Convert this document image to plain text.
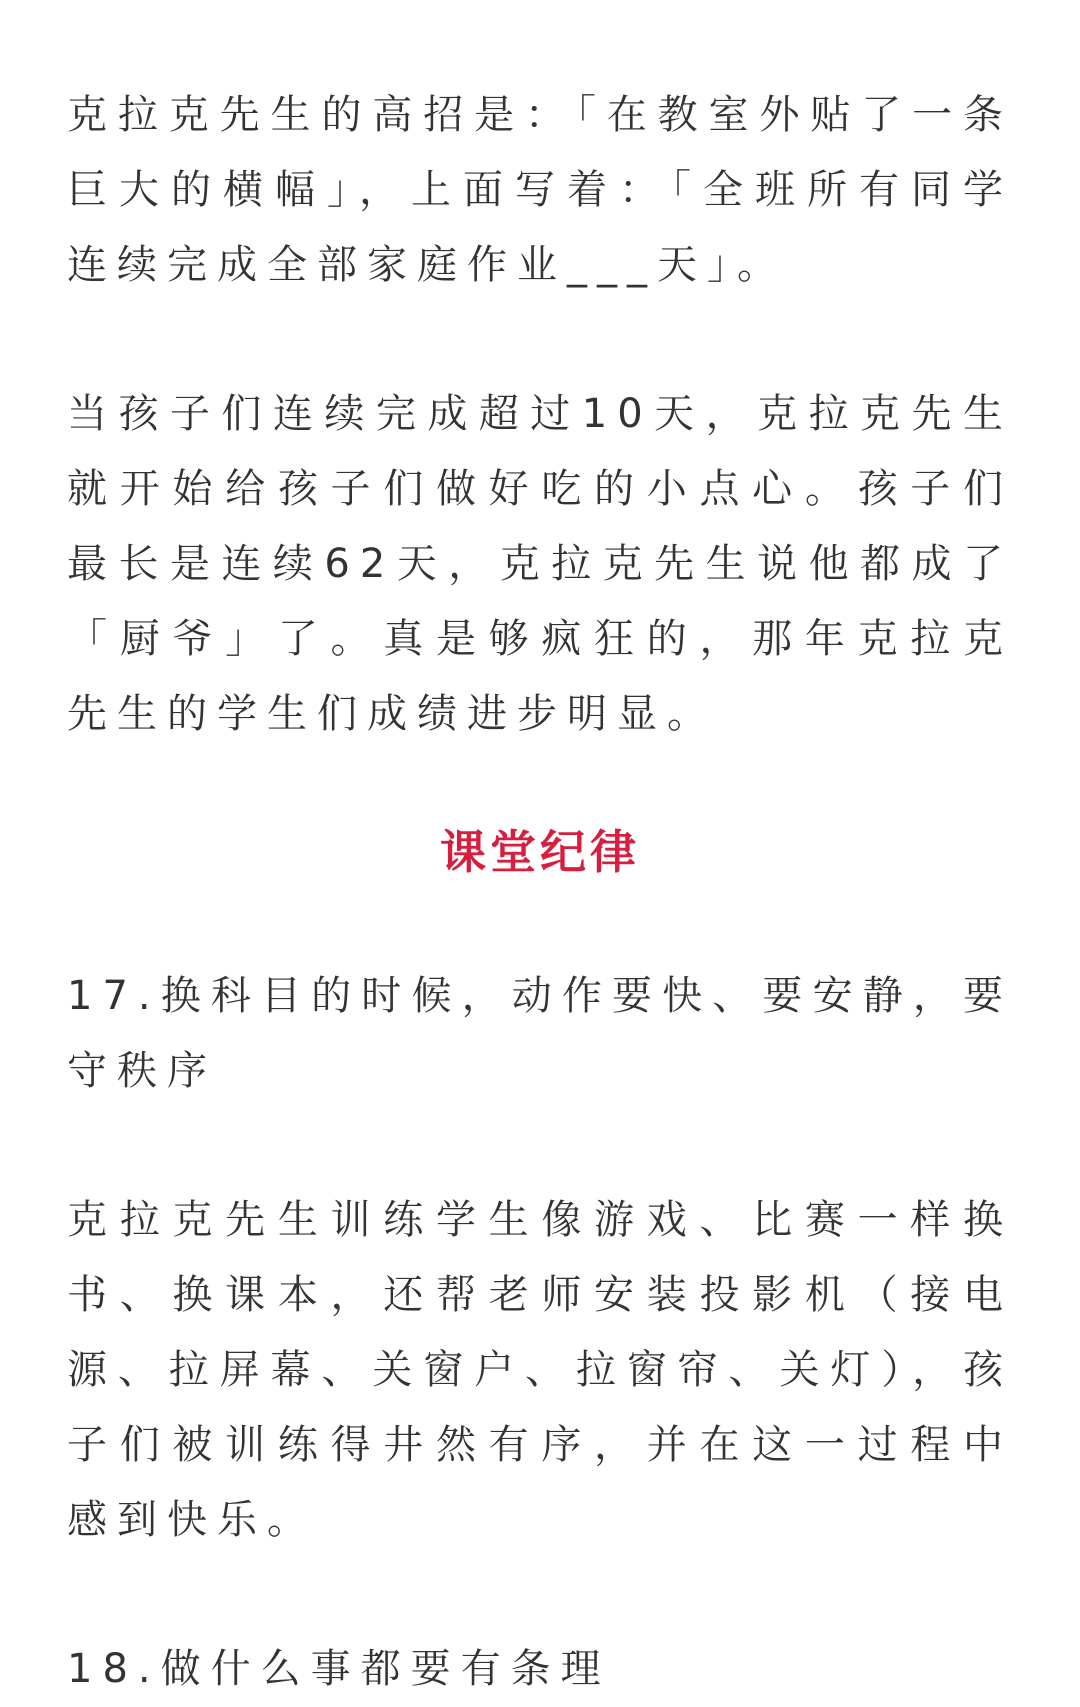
克拉克先生的高招是：「在教室外贴了一条巨大的横幅」，上面写着：「全班所有同学连续完成全部家庭作业___天」。

当孩子们连续完成超过10天，克拉克先生就开始给孩子们做好吃的小点心。孩子们最长是连续62天，克拉克先生说他都成了「厨爷」了。真是够疯狂的，那年克拉克先生的学生们成绩进步明显。

课堂纪律

17.换科目的时候，动作要快、要安静，要守秩序

克拉克先生训练学生像游戏、比赛一样换书、换课本，还帮老师安装投影机（接电源、拉屏幕、关窗户、拉窗帘、关灯），孩子们被训练得井然有序，并在这一过程中感到快乐。

18.做什么事都要有条理
